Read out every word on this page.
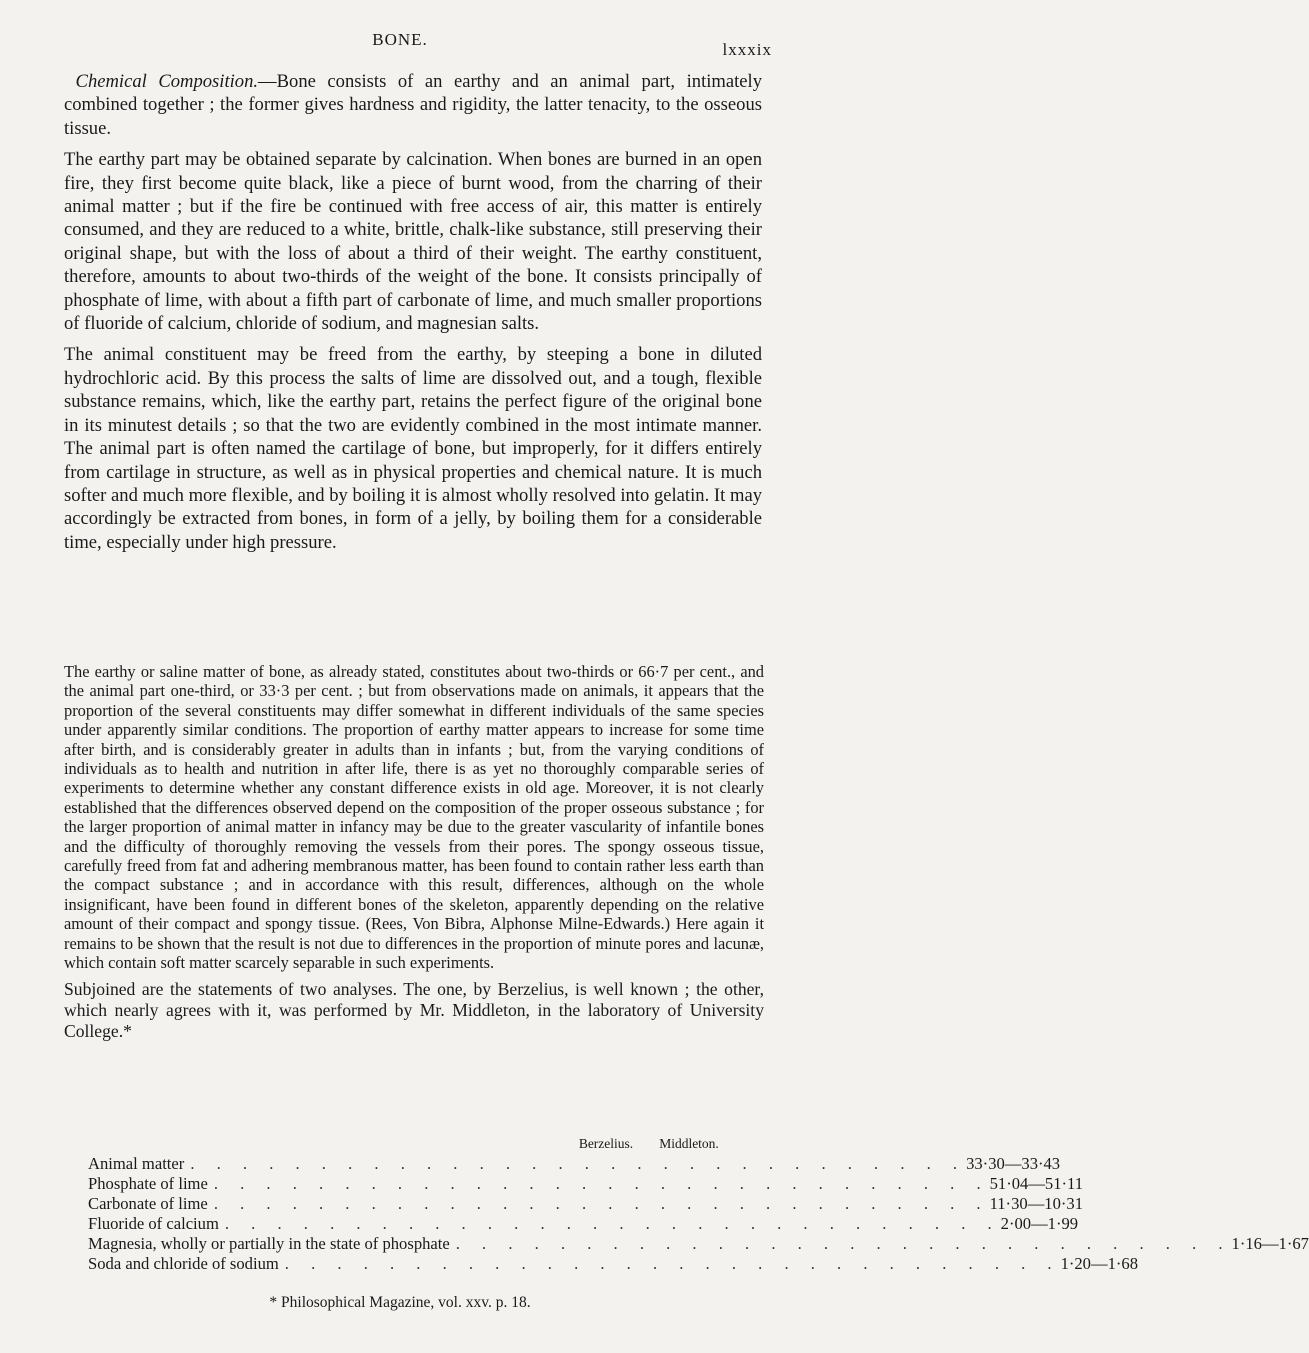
BONE.
lxxxix

Chemical Composition.—Bone consists of an earthy and an animal part, intimately combined together ; the former gives hardness and rigidity, the latter tenacity, to the osseous tissue.

The earthy part may be obtained separate by calcination. When bones are burned in an open fire, they first become quite black, like a piece of burnt wood, from the charring of their animal matter ; but if the fire be continued with free access of air, this matter is entirely consumed, and they are reduced to a white, brittle, chalk-like substance, still preserving their original shape, but with the loss of about a third of their weight. The earthy constituent, therefore, amounts to about two-thirds of the weight of the bone. It consists principally of phosphate of lime, with about a fifth part of carbonate of lime, and much smaller proportions of fluoride of calcium, chloride of sodium, and magnesian salts.

The animal constituent may be freed from the earthy, by steeping a bone in diluted hydrochloric acid. By this process the salts of lime are dissolved out, and a tough, flexible substance remains, which, like the earthy part, retains the perfect figure of the original bone in its minutest details ; so that the two are evidently combined in the most intimate manner. The animal part is often named the cartilage of bone, but improperly, for it differs entirely from cartilage in structure, as well as in physical properties and chemical nature. It is much softer and much more flexible, and by boiling it is almost wholly resolved into gelatin. It may accordingly be extracted from bones, in form of a jelly, by boiling them for a considerable time, especially under high pressure.

The earthy or saline matter of bone, as already stated, constitutes about two-thirds or 66·7 per cent., and the animal part one-third, or 33·3 per cent. ; but from observations made on animals, it appears that the proportion of the several constituents may differ somewhat in different individuals of the same species under apparently similar conditions. The proportion of earthy matter appears to increase for some time after birth, and is considerably greater in adults than in infants ; but, from the varying conditions of individuals as to health and nutrition in after life, there is as yet no thoroughly comparable series of experiments to determine whether any constant difference exists in old age. Moreover, it is not clearly established that the differences observed depend on the composition of the proper osseous substance ; for the larger proportion of animal matter in infancy may be due to the greater vascularity of infantile bones and the difficulty of thoroughly removing the vessels from their pores. The spongy osseous tissue, carefully freed from fat and adhering membranous matter, has been found to contain rather less earth than the compact substance ; and in accordance with this result, differences, although on the whole insignificant, have been found in different bones of the skeleton, apparently depending on the relative amount of their compact and spongy tissue. (Rees, Von Bibra, Alphonse Milne-Edwards.) Here again it remains to be shown that the result is not due to differences in the proportion of minute pores and lacunæ, which contain soft matter scarcely separable in such experiments.

Subjoined are the statements of two analyses. The one, by Berzelius, is well known ; the other, which nearly agrees with it, was performed by Mr. Middleton, in the laboratory of University College.*

Berzelius.	Middleton.
Animal matter . . . . . . . . . . . . . . . . . . . . . . . . . . . . . . 33·30 — 33·43
Phosphate of lime . . . . . . . . . . . . . . . . . . . . . . . . . . . . . . 51·04 — 51·11
Carbonate of lime . . . . . . . . . . . . . . . . . . . . . . . . . . . . . . 11·30 — 10·31
Fluoride of calcium . . . . . . . . . . . . . . . . . . . . . . . . . . . . . . 2·00 — 1·99
Magnesia, wholly or partially in the state of phosphate . . . . . . . . . . . . . . . . . . . . . . . . . . . . . . 1·16 — 1·67
Soda and chloride of sodium . . . . . . . . . . . . . . . . . . . . . . . . . . . . . . 1·20 — 1·68
* Philosophical Magazine, vol. xxv. p. 18.
